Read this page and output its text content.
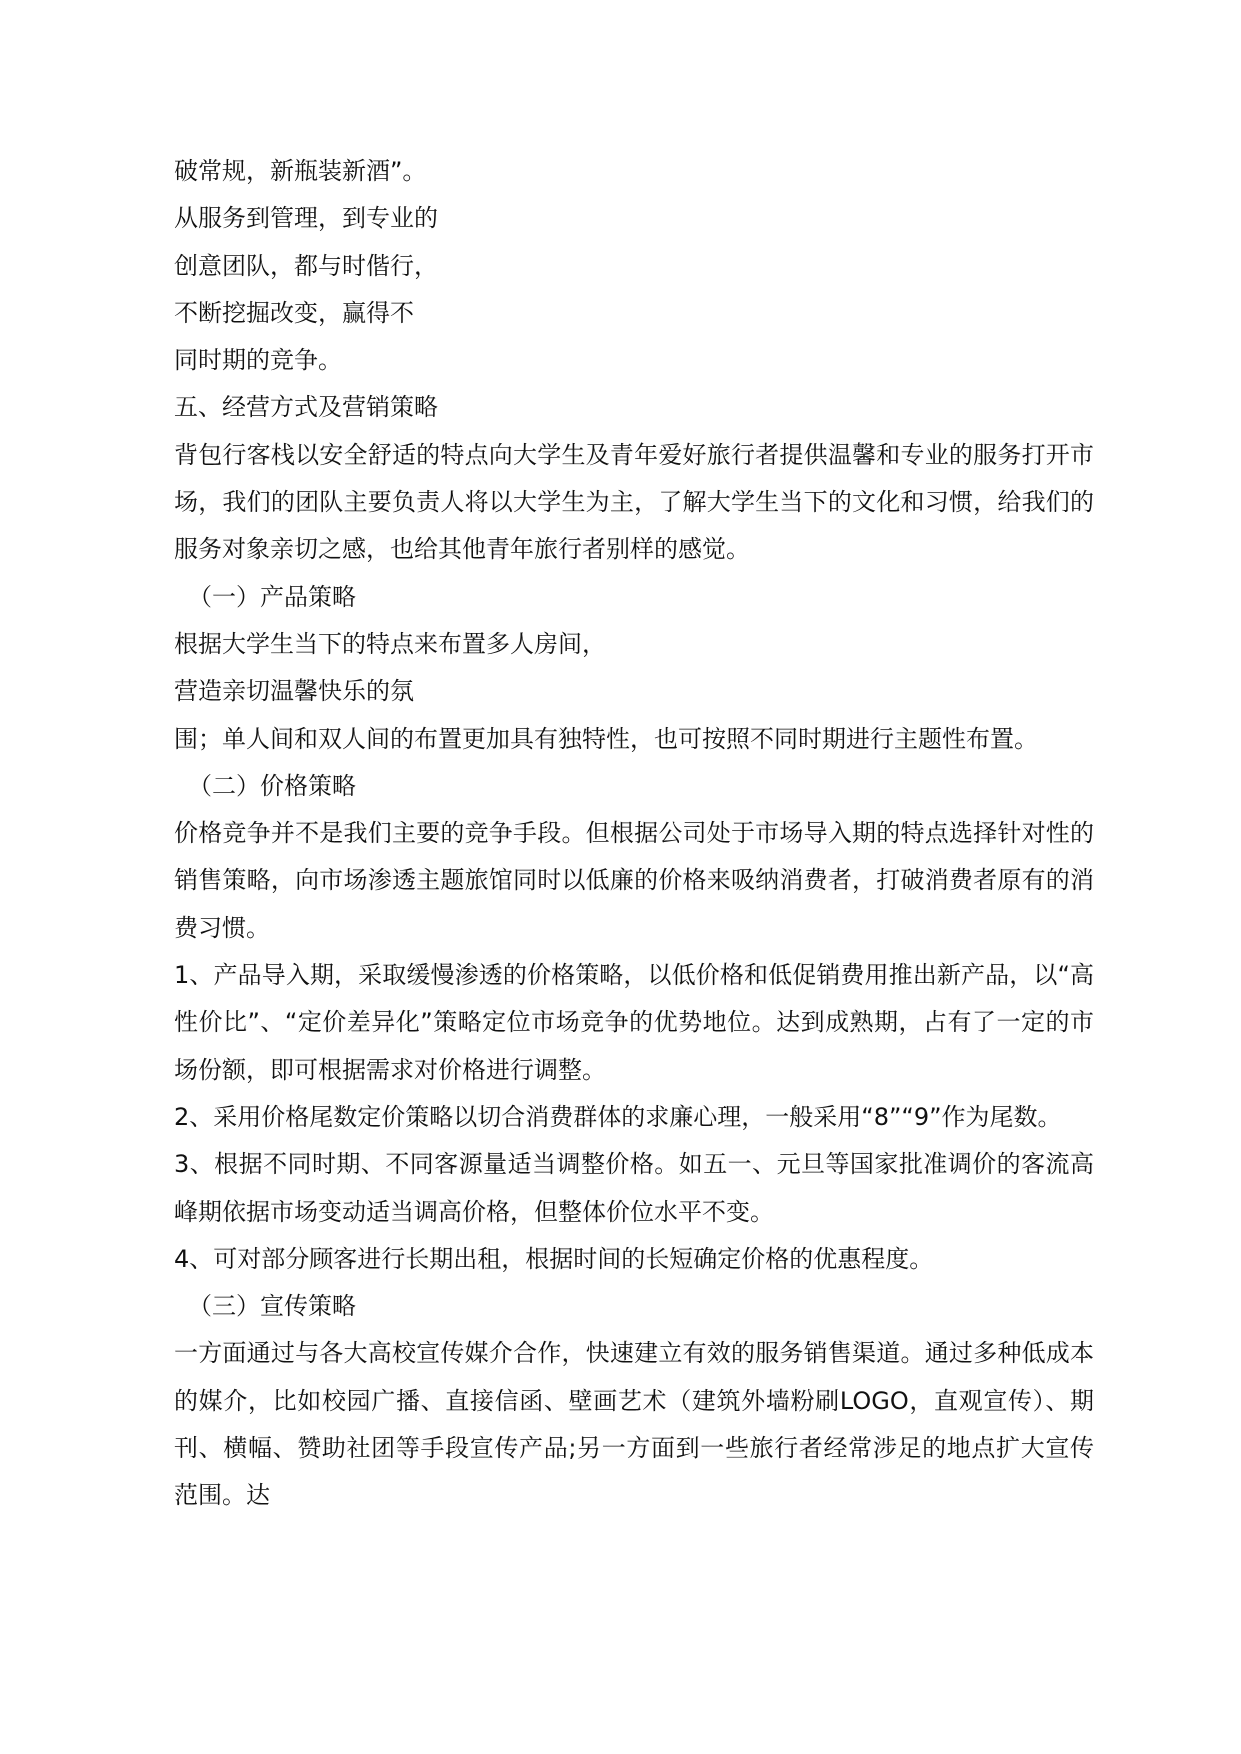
破常规，新瓶装新酒”。
从服务到管理，到专业的
创意团队，都与时偕行，
不断挖掘改变，赢得不
同时期的竞争。
五、经营方式及营销策略
背包行客栈以安全舒适的特点向大学生及青年爱好旅行者提供温馨和专业的服务打开市场，我们的团队主要负责人将以大学生为主，了解大学生当下的文化和习惯，给我们的服务对象亲切之感，也给其他青年旅行者别样的感觉。
（一）产品策略
根据大学生当下的特点来布置多人房间，
营造亲切温馨快乐的氛
围；单人间和双人间的布置更加具有独特性，也可按照不同时期进行主题性布置。
（二）价格策略
价格竞争并不是我们主要的竞争手段。但根据公司处于市场导入期的特点选择针对性的销售策略，向市场渗透主题旅馆同时以低廉的价格来吸纳消费者，打破消费者原有的消费习惯。
1、产品导入期，采取缓慢渗透的价格策略，以低价格和低促销费用推出新产品，以“高性价比”、“定价差异化”策略定位市场竞争的优势地位。达到成熟期，占有了一定的市场份额，即可根据需求对价格进行调整。
2、采用价格尾数定价策略以切合消费群体的求廉心理，一般采用“8”“9”作为尾数。
3、根据不同时期、不同客源量适当调整价格。如五一、元旦等国家批准调价的客流高峰期依据市场变动适当调高价格，但整体价位水平不变。
4、可对部分顾客进行长期出租，根据时间的长短确定价格的优惠程度。
（三）宣传策略
一方面通过与各大高校宣传媒介合作，快速建立有效的服务销售渠道。通过多种低成本的媒介，比如校园广播、直接信函、壁画艺术（建筑外墙粉刷LOGO，直观宣传）、期刊、横幅、赞助社团等手段宣传产品;另一方面到一些旅行者经常涉足的地点扩大宣传范围。达
